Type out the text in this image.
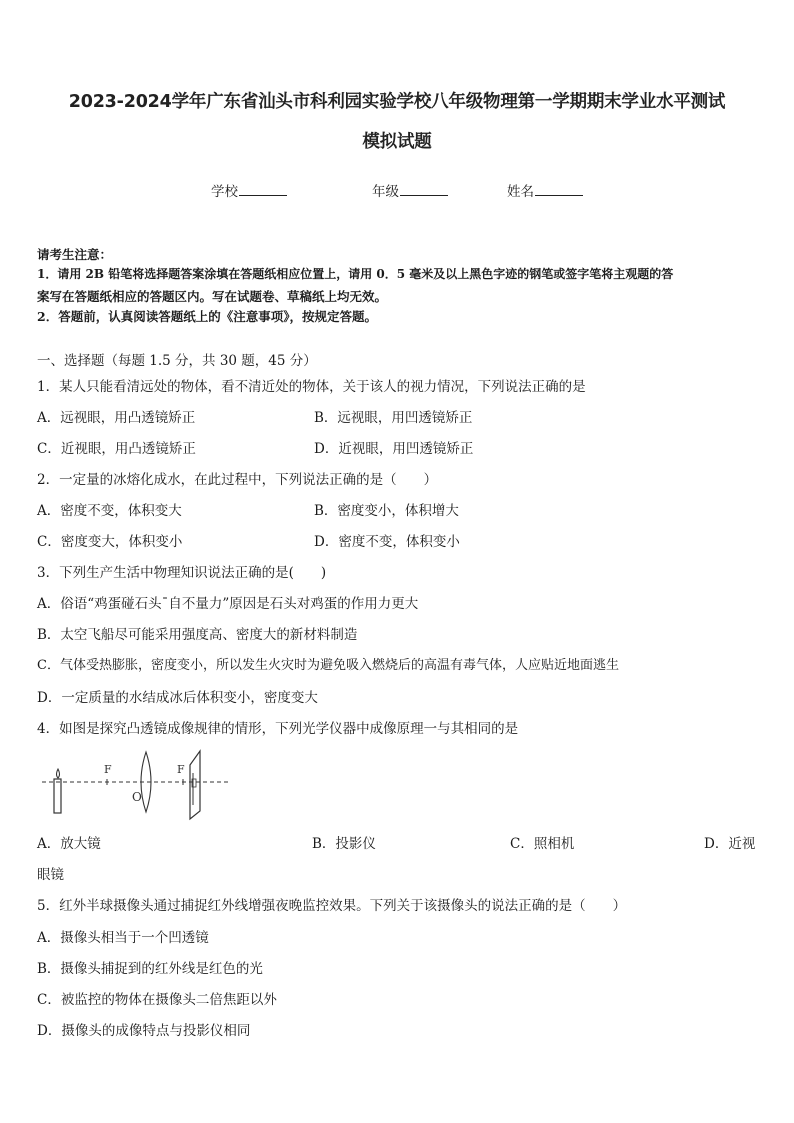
2023-2024学年广东省汕头市科利园实验学校八年级物理第一学期期末学业水平测试
模拟试题
学校	年级	姓名
请考生注意：
1．请用 2B 铅笔将选择题答案涂填在答题纸相应位置上，请用 0．5 毫米及以上黑色字迹的钢笔或签字笔将主观题的答
案写在答题纸相应的答题区内。写在试题卷、草稿纸上均无效。
2．答题前，认真阅读答题纸上的《注意事项》，按规定答题。
一、选择题（每题 1.5 分，共 30 题，45 分）
1．某人只能看清远处的物体，看不清近处的物体，关于该人的视力情况，下列说法正确的是
A．远视眼，用凸透镜矫正	B．远视眼，用凹透镜矫正
C．近视眼，用凸透镜矫正	D．近视眼，用凹透镜矫正
2．一定量的冰熔化成水，在此过程中，下列说法正确的是（　　）
A．密度不变，体积变大	B．密度变小，体积增大
C．密度变大，体积变小	D．密度不变，体积变小
3．下列生产生活中物理知识说法正确的是(　　)
A．俗语“鸡蛋碰石头ˉ自不量力”原因是石头对鸡蛋的作用力更大
B．太空飞船尽可能采用强度高、密度大的新材料制造
C．气体受热膨胀，密度变小，所以发生火灾时为避免吸入燃烧后的高温有毒气体，人应贴近地面逃生
D．一定质量的水结成冰后体积变小，密度变大
4．如图是探究凸透镜成像规律的情形，下列光学仪器中成像原理一与其相同的是
F
O
F
A．放大镜	B．投影仪	C．照相机	D．近视
眼镜
5．红外半球摄像头通过捕捉红外线增强夜晚监控效果。下列关于该摄像头的说法正确的是（　　）
A．摄像头相当于一个凹透镜
B．摄像头捕捉到的红外线是红色的光
C．被监控的物体在摄像头二倍焦距以外
D．摄像头的成像特点与投影仪相同
